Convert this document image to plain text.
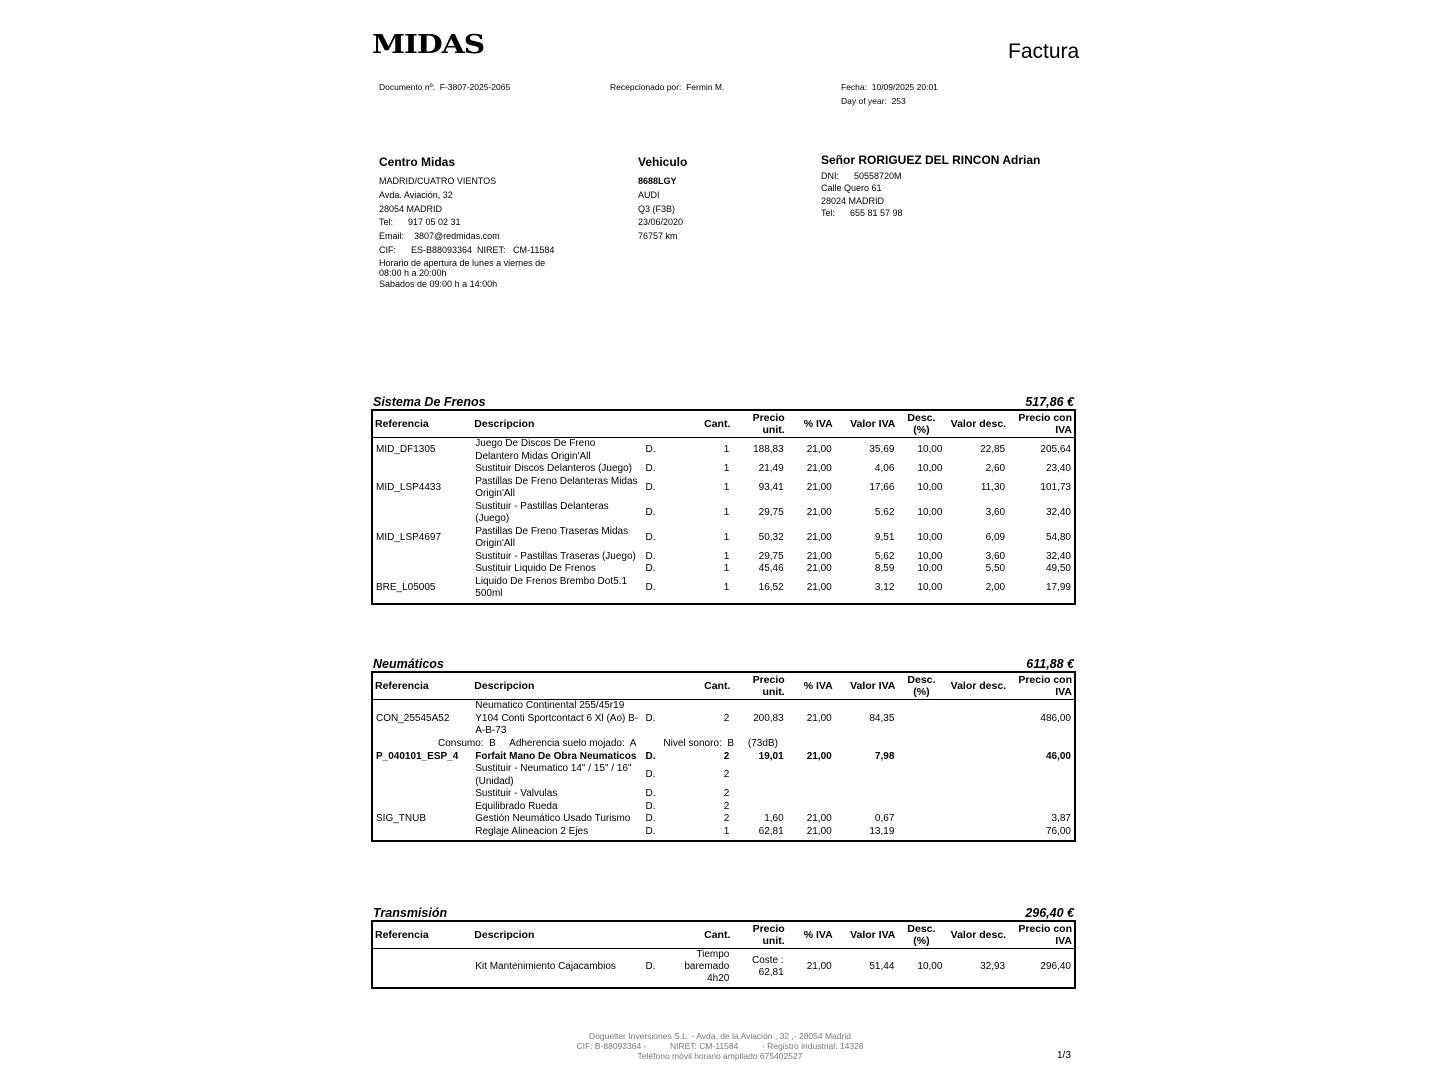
MIDAS	Factura
Documento nº: F-3807-2025-2065	Recepcionado por: Fermin M.	Fecha: 10/09/2025 20:01
Day of year: 253
Centro Midas
MADRID/CUATRO VIENTOS
Avda. Aviación, 32
28054 MADRID
Tel:      917 05 02 31
Email:    3807@redmidas.com
CIF:      ES-B88093364  NIRET:   CM-11584
Horario de apertura de lunes a viernes de
08:00 h a 20:00h
Sabados de 09:00 h a 14:00h
Vehiculo
8688LGY
AUDI
Q3 (F3B)
23/06/2020
76757 km
Señor RORIGUEZ DEL RINCON Adrian
DNI:      50558720M
Calle Quero 61
28024 MADRID
Tel:      655 81 57 98
Sistema De Frenos	517,86 €
Referencia	Descripcion		Cant.	Precio unit.	% IVA	Valor IVA	Desc. (%)	Valor desc.	Precio con IVA
MID_DF1305	Juego De Discos De Freno Delantero Midas Origin'All	D.	1	188,83	21,00	35,69	10,00	22,85	205,64
	Sustituir Discos Delanteros (Juego)	D.	1	21,49	21,00	4,06	10,00	2,60	23,40
MID_LSP4433	Pastillas De Freno Delanteras Midas Origin'All	D.	1	93,41	21,00	17,66	10,00	11,30	101,73
	Sustituir - Pastillas Delanteras (Juego)	D.	1	29,75	21,00	5,62	10,00	3,60	32,40
MID_LSP4697	Pastillas De Freno Traseras Midas Origin'All	D.	1	50,32	21,00	9,51	10,00	6,09	54,80
	Sustituir - Pastillas Traseras (Juego)	D.	1	29,75	21,00	5,62	10,00	3,60	32,40
	Sustituir Liquido De Frenos	D.	1	45,46	21,00	8,59	10,00	5,50	49,50
BRE_L05005	Liquido De Frenos Brembo Dot5.1 500ml	D.	1	16,52	21,00	3,12	10,00	2,00	17,99

Neumáticos	611,88 €
Referencia	Descripcion		Cant.	Precio unit.	% IVA	Valor IVA	Desc. (%)	Valor desc.	Precio con IVA
CON_25545A52	Neumatico Continental 255/45r19 Y104 Conti Sportcontact 6 Xl (Ao) B-A-B-73	D.	2	200,83	21,00	84,35			486,00
Consumo:  B     Adherencia suelo mojado:  A			Nivel sonoro:  B     (73dB)						
P_040101_ESP_4	Forfait Mano De Obra Neumaticos	D.	2	19,01	21,00	7,98			46,00
	Sustituir - Neumatico 14" / 15" / 16" (Unidad)	D.	2						
	Sustituir - Valvulas	D.	2						
	Equilibrado Rueda	D.	2						
SIG_TNUB	Gestión Neumático Usado Turismo	D.	2	1,60	21,00	0,67			3,87
	Reglaje Alineacion 2 Ejes	D.	1	62,81	21,00	13,19			76,00

Transmisión	296,40 €
Referencia	Descripcion		Cant.	Precio unit.	% IVA	Valor IVA	Desc. (%)	Valor desc.	Precio con IVA
	Kit Mantenimiento Cajacambios	D.	Tiempo baremado 4h20	Coste : 62,81	21,00	51,44	10,00	32,93	296,40

Doguelter Inversiones S.L. - Avda. de la Aviación , 32 ,- 28054 Madrid
CIF: B-88093364 -          NIRET: CM-11584          - Registro industrial: 14328
Teléfono móvil horario ampliado 675402527	1/3
